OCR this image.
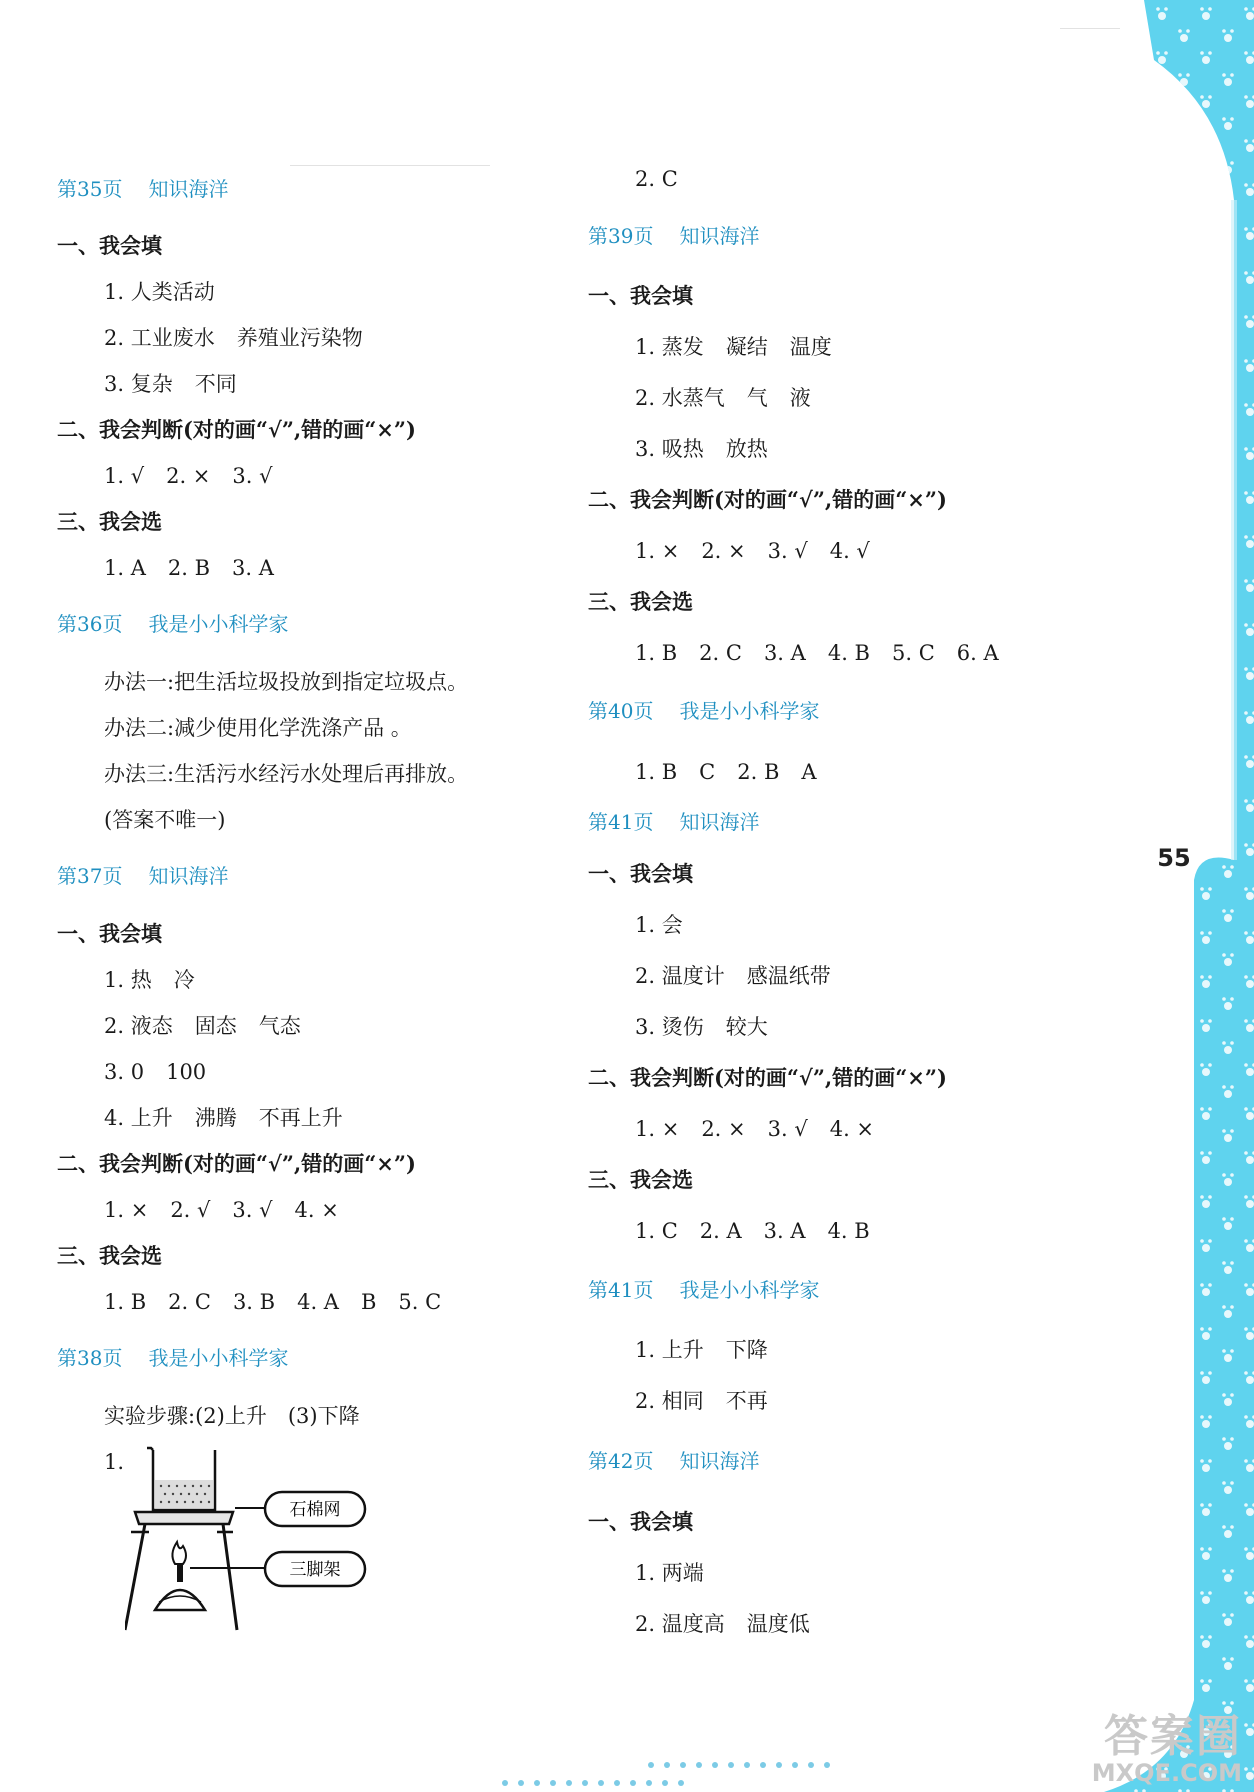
第35页 知识海洋
一、我会填
1. 人类活动
2. 工业废水 养殖业污染物
3. 复杂 不同
二、我会判断(对的画“√”,错的画“×”)
1. √ 2. × 3. √
三、我会选
1. A 2. B 3. A
第36页 我是小小科学家
办法一:把生活垃圾投放到指定垃圾点。
办法二:减少使用化学洗涤产品 。
办法三:生活污水经污水处理后再排放。
(答案不唯一)
第37页 知识海洋
一、我会填
1. 热 冷
2. 液态 固态 气态
3. 0 100
4. 上升 沸腾 不再上升
二、我会判断(对的画“√”,错的画“×”)
1. × 2. √ 3. √ 4. ×
三、我会选
1. B 2. C 3. B 4. A B 5. C
第38页 我是小小科学家
实验步骤:(2)上升　(3)下降
1.
石棉网
三脚架
2. C
第39页 知识海洋
一、我会填
1. 蒸发 凝结 温度
2. 水蒸气 气 液
3. 吸热 放热
二、我会判断(对的画“√”,错的画“×”)
1. × 2. × 3. √ 4. √
三、我会选
1. B 2. C 3. A 4. B 5. C 6. A
第40页 我是小小科学家
1. B C 2. B A
第41页 知识海洋
一、我会填
1. 会
2. 温度计 感温纸带
3. 烫伤 较大
二、我会判断(对的画“√”,错的画“×”)
1. × 2. × 3. √ 4. ×
三、我会选
1. C 2. A 3. A 4. B
第41页 我是小小科学家
1. 上升 下降
2. 相同 不再
第42页 知识海洋
一、我会填
1. 两端
2. 温度高 温度低
55
答案圈
MXQE.COM
